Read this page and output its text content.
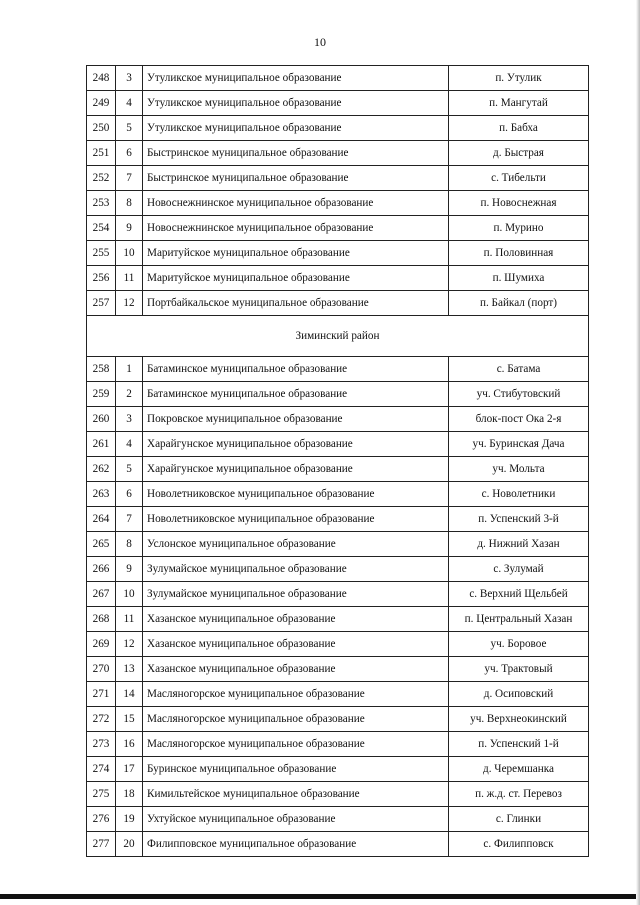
10
248	3	Утуликское муниципальное образование	п. Утулик
249	4	Утуликское муниципальное образование	п. Мангутай
250	5	Утуликское муниципальное образование	п. Бабха
251	6	Быстринское муниципальное образование	д. Быстрая
252	7	Быстринское муниципальное образование	с. Тибельти
253	8	Новоснежнинское муниципальное образование	п. Новоснежная
254	9	Новоснежнинское муниципальное образование	п. Мурино
255	10	Маритуйское муниципальное образование	п. Половинная
256	11	Маритуйское муниципальное образование	п. Шумиха
257	12	Портбайкальское муниципальное образование	п. Байкал (порт)
Зиминский район			
258	1	Батаминское муниципальное образование	с. Батама
259	2	Батаминское муниципальное образование	уч. Стибутовский
260	3	Покровское муниципальное образование	блок-пост Ока 2-я
261	4	Харайгунское муниципальное образование	уч. Буринская Дача
262	5	Харайгунское муниципальное образование	уч. Мольта
263	6	Новолетниковское муниципальное образование	с. Новолетники
264	7	Новолетниковское муниципальное образование	п. Успенский 3-й
265	8	Услонское муниципальное образование	д. Нижний Хазан
266	9	Зулумайское муниципальное образование	с. Зулумай
267	10	Зулумайское муниципальное образование	с. Верхний Щельбей
268	11	Хазанское муниципальное образование	п. Центральный Хазан
269	12	Хазанское муниципальное образование	уч. Боровое
270	13	Хазанское муниципальное образование	уч. Трактовый
271	14	Масляногорское муниципальное образование	д. Осиповский
272	15	Масляногорское муниципальное образование	уч. Верхнеокинский
273	16	Масляногорское муниципальное образование	п. Успенский 1-й
274	17	Буринское муниципальное образование	д. Черемшанка
275	18	Кимильтейское муниципальное образование	п. ж.д. ст. Перевоз
276	19	Ухтуйское муниципальное образование	с. Глинки
277	20	Филипповское муниципальное образование	с. Филипповск
